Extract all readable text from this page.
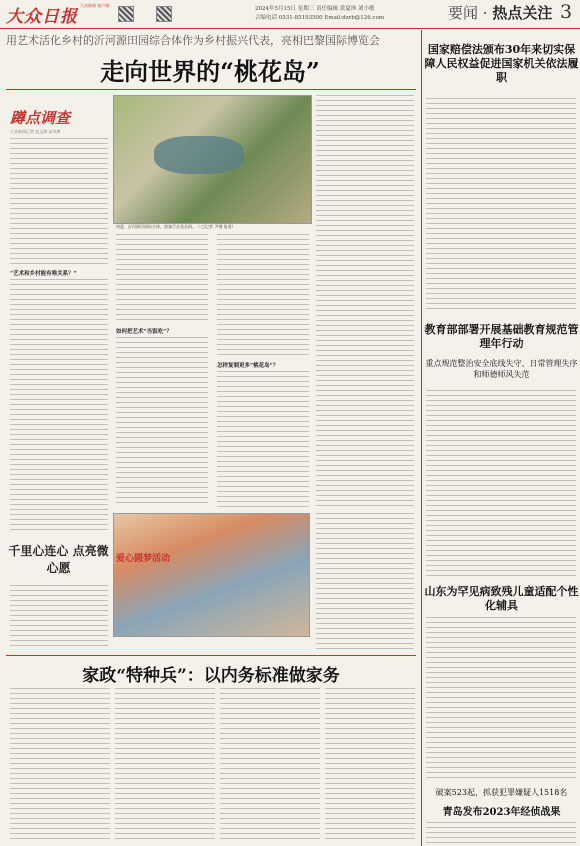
大众日报
大众新闻 客户端
2024年5月15日 星期三 责任编辑 黄夏珍 刘小敏
合编电话 0531-85193500 Email:dzrb@126.com	要闻 · 热点关注 3
用艺术活化乡村的沂河源田园综合体作为乡村振兴代表，亮相巴黎国际博览会
走向世界的“桃花岛”
蹲点调查
大众新闻记者 赵文海 高凤梅
“艺术和乡村能有啥关系？”
初夏，沂河源田园综合体，游客行走花丛间。（ □记者 尹钢 报道）
如何把艺术“当饭吃”？
怎样复制更多“桃花岛”？
爱心圆梦活动
千里心连心 点亮微心愿
家政“特种兵”：以内务标准做家务
国家赔偿法颁布30年来切实保障人民权益促进国家机关依法履职
教育部部署开展基础教育规范管理年行动
重点规范整治安全底线失守、日常管理失序和师德师风失范
山东为罕见病致残儿童适配个性化辅具
破案523起，抓获犯罪嫌疑人1518名
青岛发布2023年经侦战果
